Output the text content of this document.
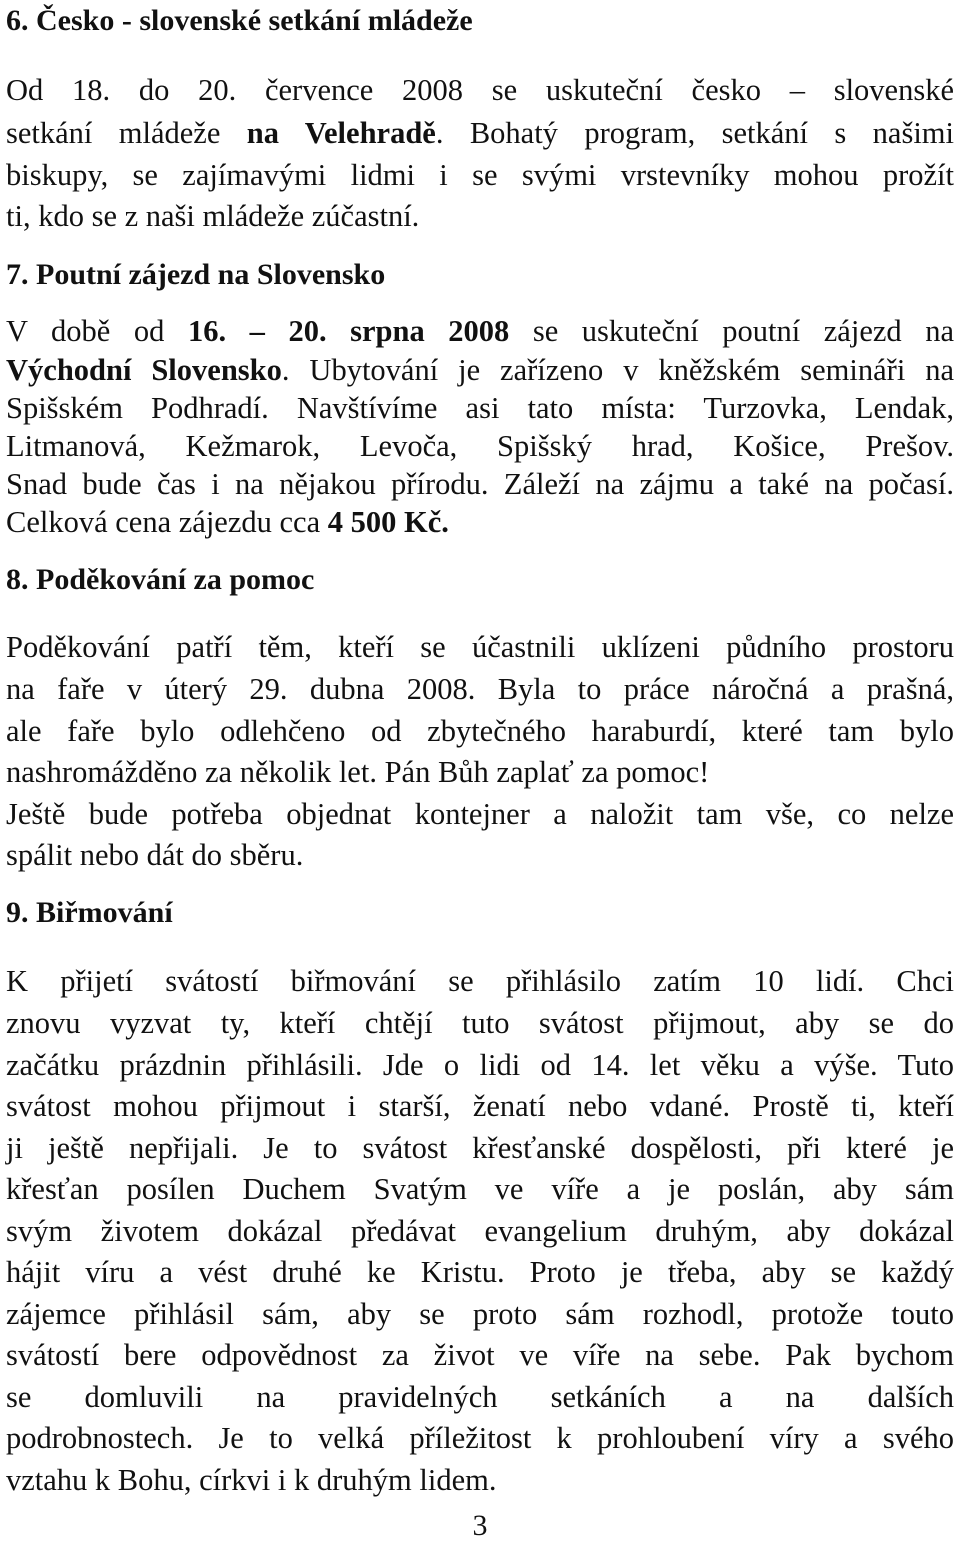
6. Česko - slovenské setkání mládeže
Od 18. do 20. července 2008 se uskuteční česko – slovenské
setkání mládeže na Velehradě. Bohatý program, setkání s našimi
biskupy, se zajímavými lidmi i se svými vrstevníky mohou prožít
ti, kdo se z naši mládeže zúčastní.
7. Poutní zájezd na Slovensko
V době od 16. – 20. srpna 2008 se uskuteční poutní zájezd na
Východní Slovensko. Ubytování je zařízeno v kněžském semináři na
Spišském Podhradí. Navštívíme asi tato místa: Turzovka, Lendak,
Litmanová, Kežmarok, Levoča, Spišský hrad, Košice, Prešov.
Snad bude čas i na nějakou přírodu. Záleží na zájmu a také na počasí.
Celková cena zájezdu cca 4 500 Kč.
8. Poděkování za pomoc
Poděkování patří těm, kteří se účastnili uklízeni půdního prostoru
na faře v úterý 29. dubna 2008. Byla to práce náročná a prašná,
ale faře bylo odlehčeno od zbytečného haraburdí, které tam bylo
nashromážděno za několik let. Pán Bůh zaplať za pomoc!
Ještě bude potřeba objednat kontejner a naložit tam vše, co nelze
spálit nebo dát do sběru.
9. Biřmování
K přijetí svátostí biřmování se přihlásilo zatím 10 lidí. Chci
znovu vyzvat ty, kteří chtějí tuto svátost přijmout, aby se do
začátku prázdnin přihlásili. Jde o lidi od 14. let věku a výše. Tuto
svátost mohou přijmout i starší, ženatí nebo vdané. Prostě ti, kteří
ji ještě nepřijali. Je to svátost křesťanské dospělosti, při které je
křesťan posílen Duchem Svatým ve víře a je poslán, aby sám
svým životem dokázal předávat evangelium druhým, aby dokázal
hájit víru a vést druhé ke Kristu. Proto je třeba, aby se každý
zájemce přihlásil sám, aby se proto sám rozhodl, protože touto
svátostí bere odpovědnost za život ve víře na sebe. Pak bychom
se domluvili na pravidelných setkáních a na dalších
podrobnostech. Je to velká příležitost k prohloubení víry a svého
vztahu k Bohu, církvi i k druhým lidem.
3
